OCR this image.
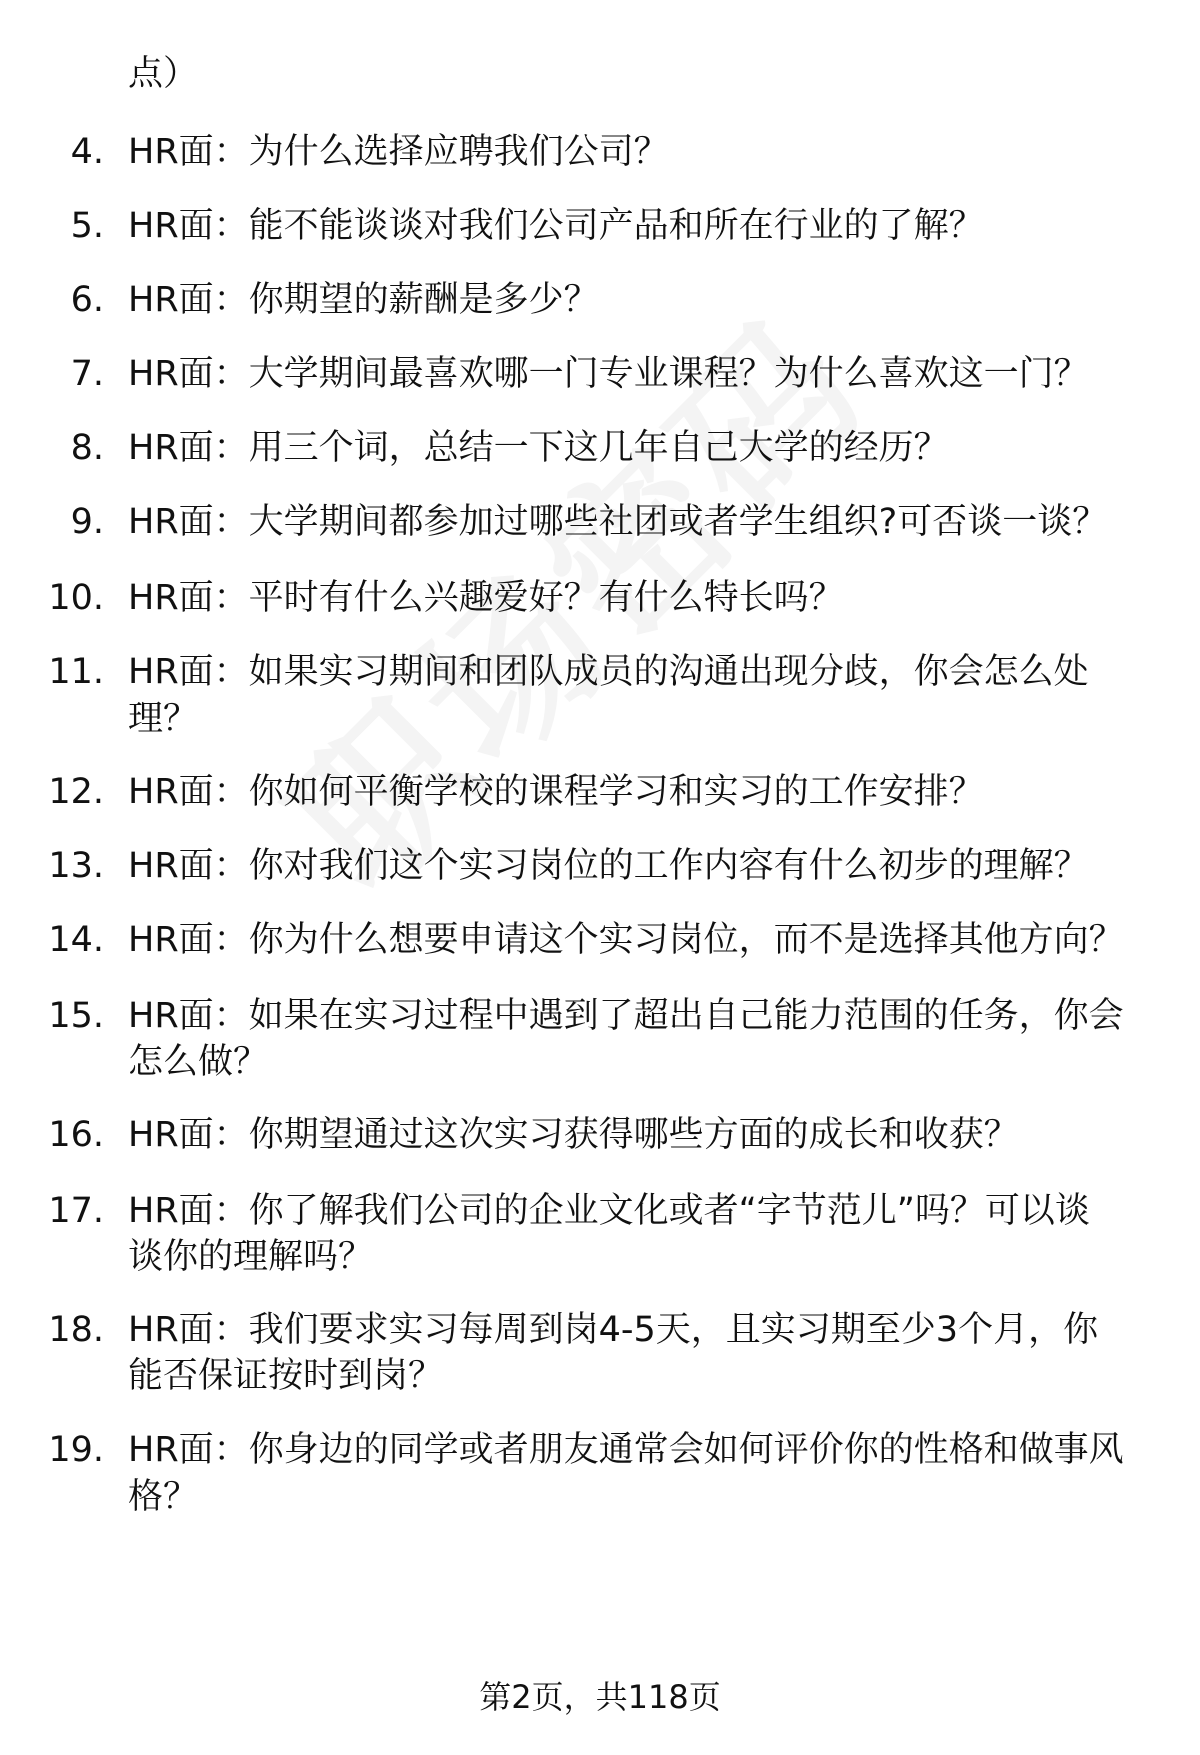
点）
4. HR面：为什么选择应聘我们公司？
5. HR面：能不能谈谈对我们公司产品和所在行业的了解？
6. HR面：你期望的薪酬是多少？
7. HR面：大学期间最喜欢哪一门专业课程？为什么喜欢这一门？
8. HR面：用三个词，总结一下这几年自己大学的经历？
9. HR面：大学期间都参加过哪些社团或者学生组织?可否谈一谈？
10. HR面：平时有什么兴趣爱好？有什么特长吗？
11. HR面：如果实习期间和团队成员的沟通出现分歧，你会怎么处
理？
12. HR面：你如何平衡学校的课程学习和实习的工作安排？
13. HR面：你对我们这个实习岗位的工作内容有什么初步的理解？
14. HR面：你为什么想要申请这个实习岗位，而不是选择其他方向？
15. HR面：如果在实习过程中遇到了超出自己能力范围的任务，你会
怎么做？
16. HR面：你期望通过这次实习获得哪些方面的成长和收获？
17. HR面：你了解我们公司的企业文化或者“字节范儿”吗？可以谈
谈你的理解吗？
18. HR面：我们要求实习每周到岗4-5天，且实习期至少3个月，你
能否保证按时到岗？
19. HR面：你身边的同学或者朋友通常会如何评价你的性格和做事风
格？
第2页，共118页
